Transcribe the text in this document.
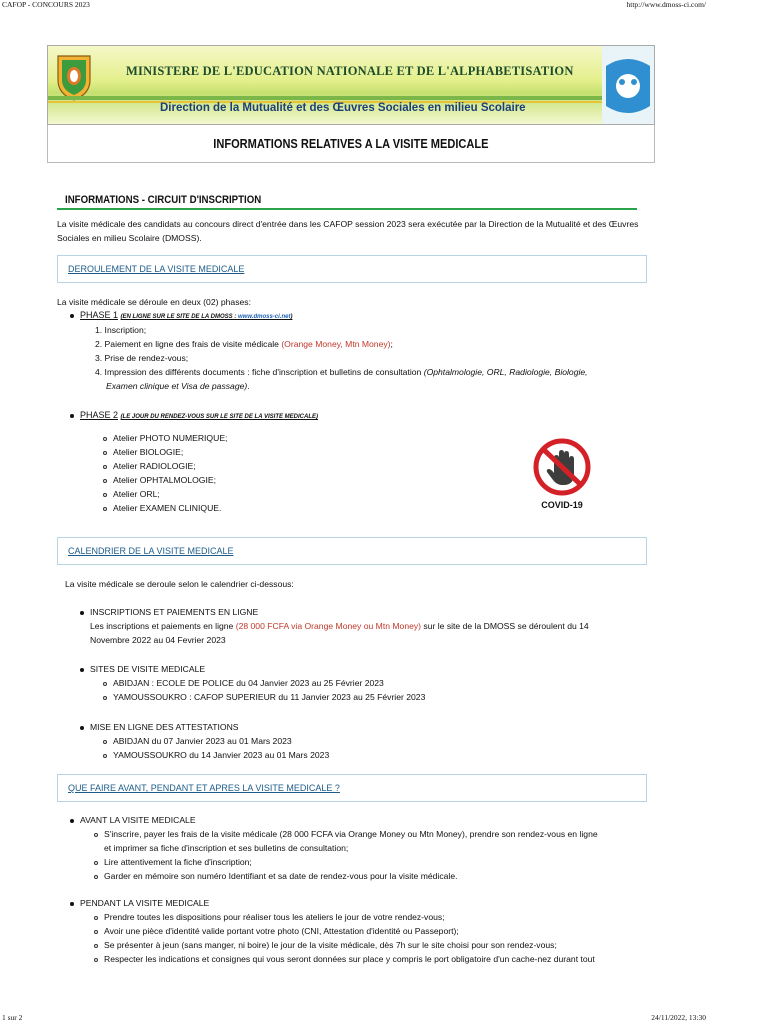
CAFOP - CONCOURS 2023	http://www.dmoss-ci.com/
MINISTERE DE L'EDUCATION NATIONALE ET DE L'ALPHABETISATION
Direction de la Mutualité et des Œuvres Sociales en milieu Scolaire
INFORMATIONS RELATIVES A LA VISITE MEDICALE
INFORMATIONS - CIRCUIT D'INSCRIPTION
La visite médicale des candidats au concours direct d'entrée dans les CAFOP session 2023 sera exécutée par la Direction de la Mutualité et des Œuvres Sociales en milieu Scolaire (DMOSS).
DEROULEMENT DE LA VISITE MEDICALE
La visite médicale se déroule en deux (02) phases:
PHASE 1 (EN LIGNE SUR LE SITE DE LA DMOSS : www.dmoss-ci.net)
1. Inscription;
2. Paiement en ligne des frais de visite médicale (Orange Money, Mtn Money);
3. Prise de rendez-vous;
4. Impression des différents documents : fiche d'inscription et bulletins de consultation (Ophtalmologie, ORL, Radiologie, Biologie,
Examen clinique et Visa de passage).
PHASE 2 (LE JOUR DU RENDEZ-VOUS SUR LE SITE DE LA VISITE MEDICALE)
Atelier PHOTO NUMERIQUE;
Atelier BIOLOGIE;
Atelier RADIOLOGIE;
Atelier OPHTALMOLOGIE;
Atelier ORL;
Atelier EXAMEN CLINIQUE.	COVID-19
CALENDRIER DE LA VISITE MEDICALE
La visite médicale se deroule selon le calendrier ci-dessous:
INSCRIPTIONS ET PAIEMENTS EN LIGNE
Les inscriptions et paiements en ligne (28 000 FCFA via Orange Money ou Mtn Money) sur le site de la DMOSS se déroulent du 14
Novembre 2022 au 04 Fevrier 2023
SITES DE VISITE MEDICALE
ABIDJAN : ECOLE DE POLICE du 04 Janvier 2023 au 25 Février 2023
YAMOUSSOUKRO : CAFOP SUPERIEUR du 11 Janvier 2023 au 25 Février 2023
MISE EN LIGNE DES ATTESTATIONS
ABIDJAN du 07 Janvier 2023 au 01 Mars 2023
YAMOUSSOUKRO du 14 Janvier 2023 au 01 Mars 2023
QUE FAIRE AVANT, PENDANT ET APRES LA VISITE MEDICALE ?
AVANT LA VISITE MEDICALE
S'inscrire, payer les frais de la visite médicale (28 000 FCFA via Orange Money ou Mtn Money), prendre son rendez-vous en ligne
et imprimer sa fiche d'inscription et ses bulletins de consultation;
Lire attentivement la fiche d'inscription;
Garder en mémoire son numéro Identifiant et sa date de rendez-vous pour la visite médicale.
PENDANT LA VISITE MEDICALE
Prendre toutes les dispositions pour réaliser tous les ateliers le jour de votre rendez-vous;
Avoir une pièce d'identité valide portant votre photo (CNI, Attestation d'identité ou Passeport);
Se présenter à jeun (sans manger, ni boire) le jour de la visite médicale, dès 7h sur le site choisi pour son rendez-vous;
Respecter les indications et consignes qui vous seront données sur place y compris le port obligatoire d'un cache-nez durant tout
1 sur 2	24/11/2022, 13:30
